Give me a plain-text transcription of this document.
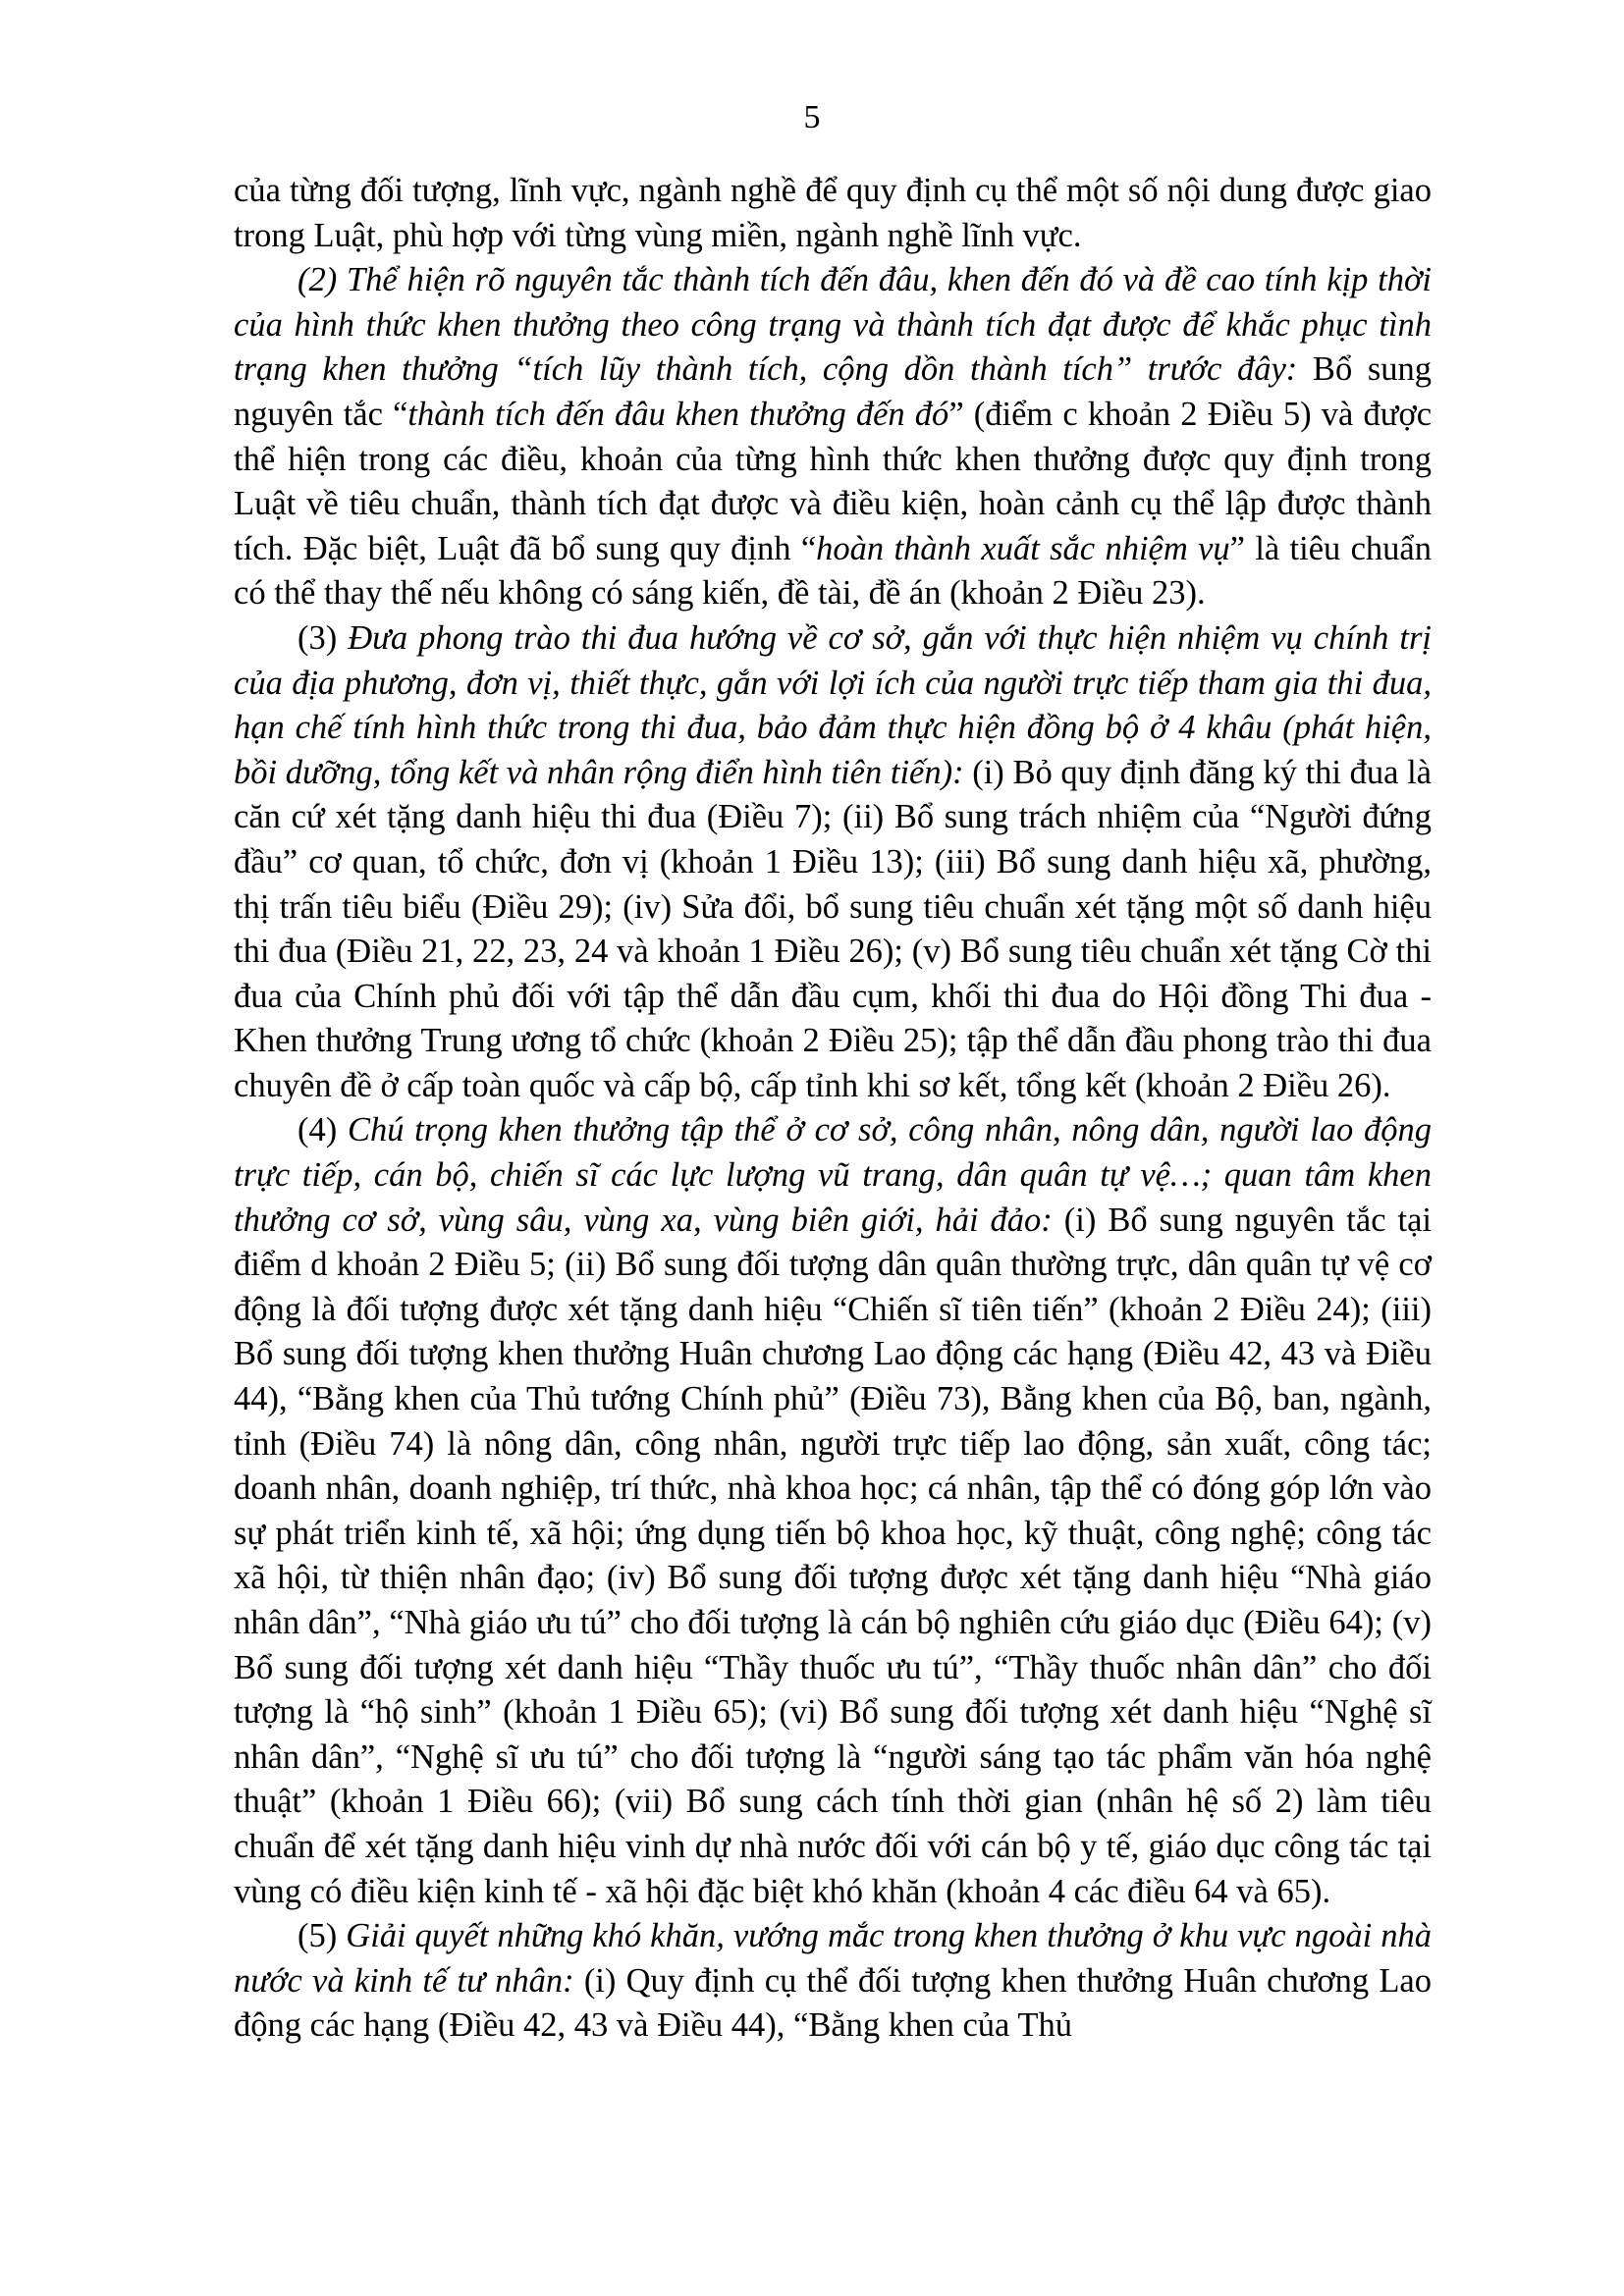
5

của từng đối tượng, lĩnh vực, ngành nghề để quy định cụ thể một số nội dung được giao trong Luật, phù hợp với từng vùng miền, ngành nghề lĩnh vực.

(2) Thể hiện rõ nguyên tắc thành tích đến đâu, khen đến đó và đề cao tính kịp thời của hình thức khen thưởng theo công trạng và thành tích đạt được để khắc phục tình trạng khen thưởng “tích lũy thành tích, cộng dồn thành tích” trước đây: Bổ sung nguyên tắc “thành tích đến đâu khen thưởng đến đó” (điểm c khoản 2 Điều 5) và được thể hiện trong các điều, khoản của từng hình thức khen thưởng được quy định trong Luật về tiêu chuẩn, thành tích đạt được và điều kiện, hoàn cảnh cụ thể lập được thành tích. Đặc biệt, Luật đã bổ sung quy định “hoàn thành xuất sắc nhiệm vụ” là tiêu chuẩn có thể thay thế nếu không có sáng kiến, đề tài, đề án (khoản 2 Điều 23).

(3) Đưa phong trào thi đua hướng về cơ sở, gắn với thực hiện nhiệm vụ chính trị của địa phương, đơn vị, thiết thực, gắn với lợi ích của người trực tiếp tham gia thi đua, hạn chế tính hình thức trong thi đua, bảo đảm thực hiện đồng bộ ở 4 khâu (phát hiện, bồi dưỡng, tổng kết và nhân rộng điển hình tiên tiến): (i) Bỏ quy định đăng ký thi đua là căn cứ xét tặng danh hiệu thi đua (Điều 7); (ii) Bổ sung trách nhiệm của “Người đứng đầu” cơ quan, tổ chức, đơn vị (khoản 1 Điều 13); (iii) Bổ sung danh hiệu xã, phường, thị trấn tiêu biểu (Điều 29); (iv) Sửa đổi, bổ sung tiêu chuẩn xét tặng một số danh hiệu thi đua (Điều 21, 22, 23, 24 và khoản 1 Điều 26); (v) Bổ sung tiêu chuẩn xét tặng Cờ thi đua của Chính phủ đối với tập thể dẫn đầu cụm, khối thi đua do Hội đồng Thi đua - Khen thưởng Trung ương tổ chức (khoản 2 Điều 25); tập thể dẫn đầu phong trào thi đua chuyên đề ở cấp toàn quốc và cấp bộ, cấp tỉnh khi sơ kết, tổng kết (khoản 2 Điều 26).

(4) Chú trọng khen thưởng tập thể ở cơ sở, công nhân, nông dân, người lao động trực tiếp, cán bộ, chiến sĩ các lực lượng vũ trang, dân quân tự vệ…; quan tâm khen thưởng cơ sở, vùng sâu, vùng xa, vùng biên giới, hải đảo: (i) Bổ sung nguyên tắc tại điểm d khoản 2 Điều 5; (ii) Bổ sung đối tượng dân quân thường trực, dân quân tự vệ cơ động là đối tượng được xét tặng danh hiệu “Chiến sĩ tiên tiến” (khoản 2 Điều 24); (iii) Bổ sung đối tượng khen thưởng Huân chương Lao động các hạng (Điều 42, 43 và Điều 44), “Bằng khen của Thủ tướng Chính phủ” (Điều 73), Bằng khen của Bộ, ban, ngành, tỉnh (Điều 74) là nông dân, công nhân, người trực tiếp lao động, sản xuất, công tác; doanh nhân, doanh nghiệp, trí thức, nhà khoa học; cá nhân, tập thể có đóng góp lớn vào sự phát triển kinh tế, xã hội; ứng dụng tiến bộ khoa học, kỹ thuật, công nghệ; công tác xã hội, từ thiện nhân đạo; (iv) Bổ sung đối tượng được xét tặng danh hiệu “Nhà giáo nhân dân”, “Nhà giáo ưu tú” cho đối tượng là cán bộ nghiên cứu giáo dục (Điều 64); (v) Bổ sung đối tượng xét danh hiệu “Thầy thuốc ưu tú”, “Thầy thuốc nhân dân” cho đối tượng là “hộ sinh” (khoản 1 Điều 65); (vi) Bổ sung đối tượng xét danh hiệu “Nghệ sĩ nhân dân”, “Nghệ sĩ ưu tú” cho đối tượng là “người sáng tạo tác phẩm văn hóa nghệ thuật” (khoản 1 Điều 66); (vii) Bổ sung cách tính thời gian (nhân hệ số 2) làm tiêu chuẩn để xét tặng danh hiệu vinh dự nhà nước đối với cán bộ y tế, giáo dục công tác tại vùng có điều kiện kinh tế - xã hội đặc biệt khó khăn (khoản 4 các điều 64 và 65).

(5) Giải quyết những khó khăn, vướng mắc trong khen thưởng ở khu vực ngoài nhà nước và kinh tế tư nhân: (i) Quy định cụ thể đối tượng khen thưởng Huân chương Lao động các hạng (Điều 42, 43 và Điều 44), “Bằng khen của Thủ
